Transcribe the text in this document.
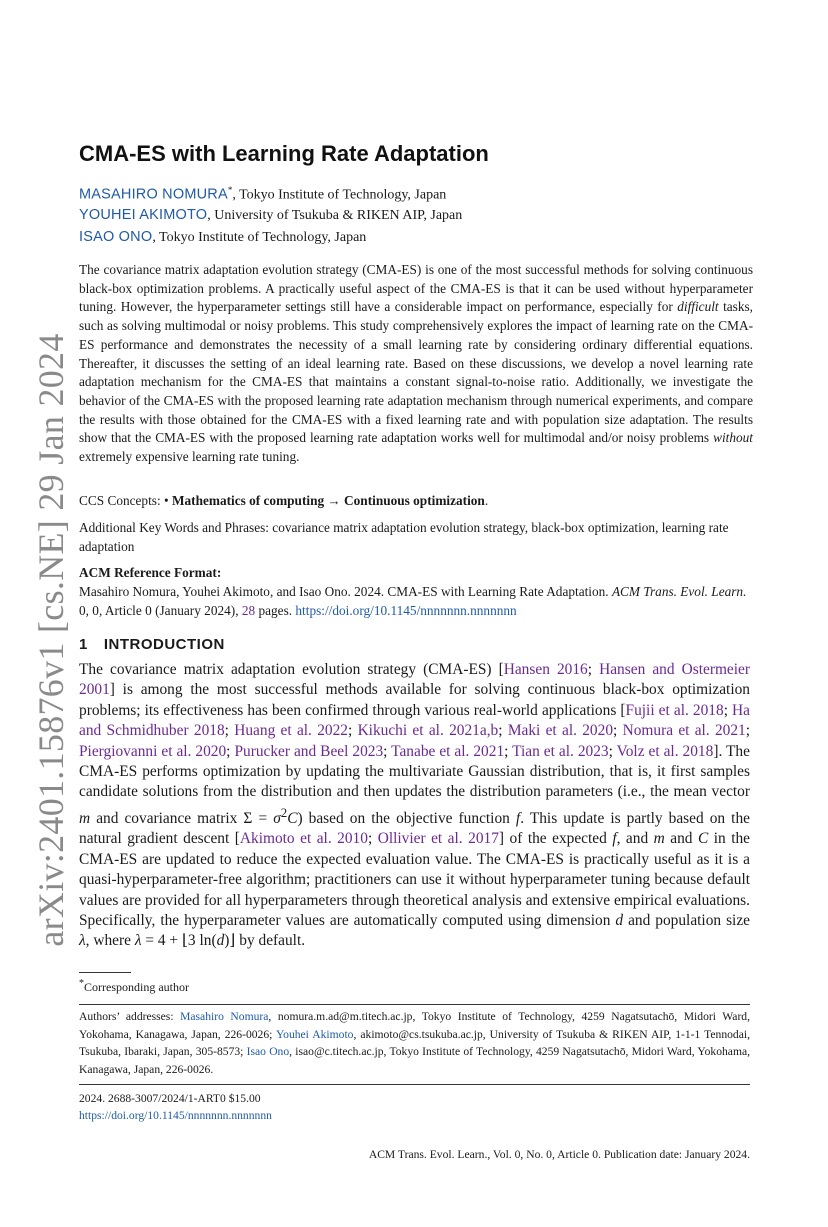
arXiv:2401.15876v1 [cs.NE] 29 Jan 2024
CMA-ES with Learning Rate Adaptation
MASAHIRO NOMURA*, Tokyo Institute of Technology, Japan
YOUHEI AKIMOTO, University of Tsukuba & RIKEN AIP, Japan
ISAO ONO, Tokyo Institute of Technology, Japan

The covariance matrix adaptation evolution strategy (CMA-ES) is one of the most successful methods for solving continuous black-box optimization problems. A practically useful aspect of the CMA-ES is that it can be used without hyperparameter tuning. However, the hyperparameter settings still have a considerable impact on performance, especially for difficult tasks, such as solving multimodal or noisy problems. This study comprehensively explores the impact of learning rate on the CMA-ES performance and demonstrates the necessity of a small learning rate by considering ordinary differential equations. Thereafter, it discusses the setting of an ideal learning rate. Based on these discussions, we develop a novel learning rate adaptation mechanism for the CMA-ES that maintains a constant signal-to-noise ratio. Additionally, we investigate the behavior of the CMA-ES with the proposed learning rate adaptation mechanism through numerical experiments, and compare the results with those obtained for the CMA-ES with a fixed learning rate and with population size adaptation. The results show that the CMA-ES with the proposed learning rate adaptation works well for multimodal and/or noisy problems without extremely expensive learning rate tuning.

CCS Concepts: • Mathematics of computing → Continuous optimization.

Additional Key Words and Phrases: covariance matrix adaptation evolution strategy, black-box optimization, learning rate adaptation

ACM Reference Format:

Masahiro Nomura, Youhei Akimoto, and Isao Ono. 2024. CMA-ES with Learning Rate Adaptation. ACM Trans. Evol. Learn. 0, 0, Article 0 (January 2024), 28 pages. https://doi.org/10.1145/nnnnnnn.nnnnnnn

1 INTRODUCTION

The covariance matrix adaptation evolution strategy (CMA-ES) [Hansen 2016; Hansen and Ostermeier 2001] is among the most successful methods available for solving continuous black-box optimization problems; its effectiveness has been confirmed through various real-world applications [Fujii et al. 2018; Ha and Schmidhuber 2018; Huang et al. 2022; Kikuchi et al. 2021a,b; Maki et al. 2020; Nomura et al. 2021; Piergiovanni et al. 2020; Purucker and Beel 2023; Tanabe et al. 2021; Tian et al. 2023; Volz et al. 2018]. The CMA-ES performs optimization by updating the multivariate Gaussian distribution, that is, it first samples candidate solutions from the distribution and then updates the distribution parameters (i.e., the mean vector m and covariance matrix $\Sigma = \sigma^2C$) based on the objective function f. This update is partly based on the natural gradient descent [Akimoto et al. 2010; Ollivier et al. 2017] of the expected f, and m and C in the CMA-ES are updated to reduce the expected evaluation value. The CMA-ES is practically useful as it is a quasi-hyperparameter-free algorithm; practitioners can use it without hyperparameter tuning because default values are provided for all hyperparameters through theoretical analysis and extensive empirical evaluations. Specifically, the hyperparameter values are automatically computed using dimension d and population size λ, where λ = 4 + ⌊3 ln(d)⌋ by default.

*Corresponding author

Authors’ addresses: Masahiro Nomura, nomura.m.ad@m.titech.ac.jp, Tokyo Institute of Technology, 4259 Nagatsutachō, Midori Ward, Yokohama, Kanagawa, Japan, 226-0026; Youhei Akimoto, akimoto@cs.tsukuba.ac.jp, University of Tsukuba & RIKEN AIP, 1-1-1 Tennodai, Tsukuba, Ibaraki, Japan, 305-8573; Isao Ono, isao@c.titech.ac.jp, Tokyo Institute of Technology, 4259 Nagatsutachō, Midori Ward, Yokohama, Kanagawa, Japan, 226-0026.

2024. 2688-3007/2024/1-ART0 $15.00
https://doi.org/10.1145/nnnnnnn.nnnnnnn

ACM Trans. Evol. Learn., Vol. 0, No. 0, Article 0. Publication date: January 2024.
